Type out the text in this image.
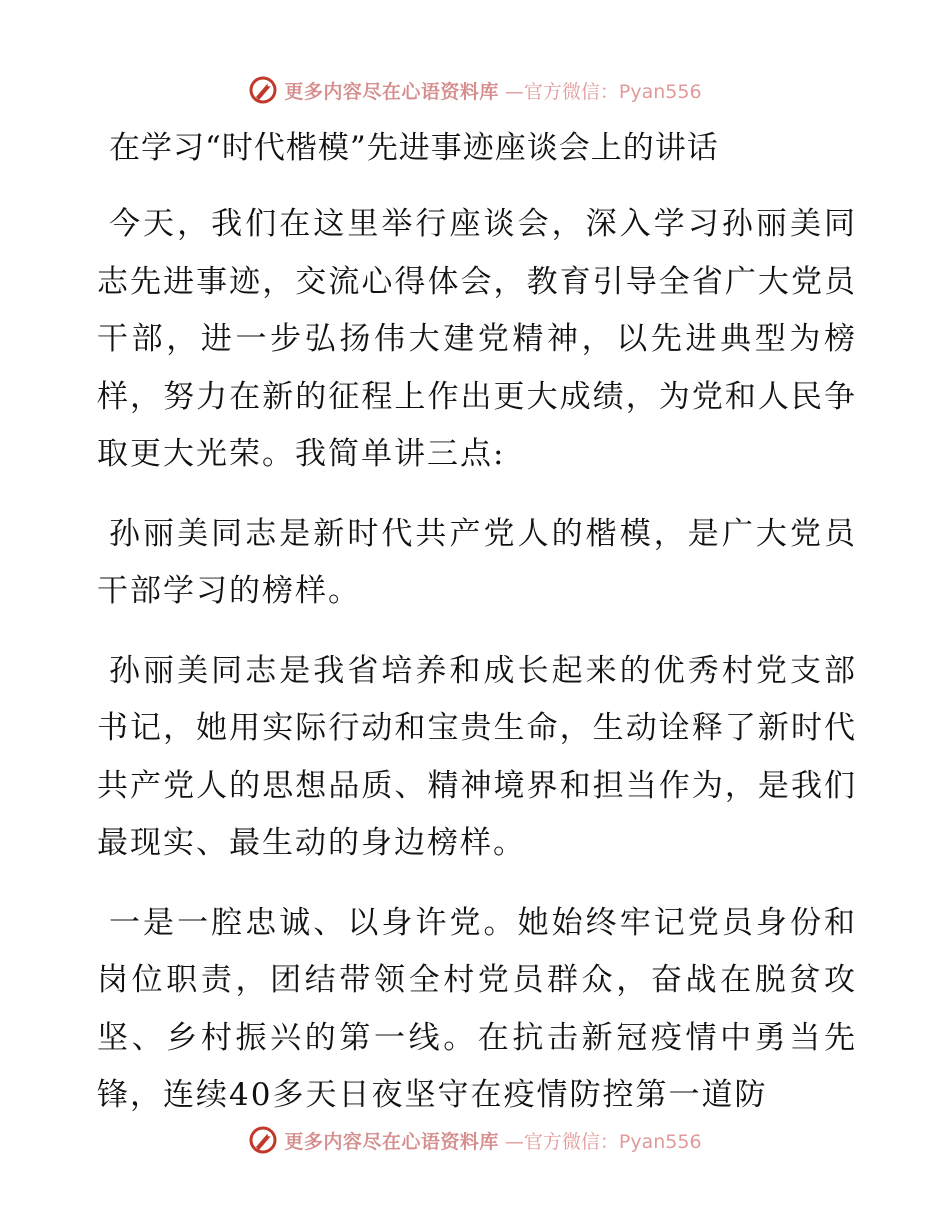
更多内容尽在心语资料库 —官方微信：Pyan556
在学习“时代楷模”先进事迹座谈会上的讲话

今天，我们在这里举行座谈会，深入学习孙丽美同志先进事迹，交流心得体会，教育引导全省广大党员干部，进一步弘扬伟大建党精神，以先进典型为榜样，努力在新的征程上作出更大成绩，为党和人民争取更大光荣。我简单讲三点:

孙丽美同志是新时代共产党人的楷模，是广大党员干部学习的榜样。

孙丽美同志是我省培养和成长起来的优秀村党支部书记，她用实际行动和宝贵生命，生动诠释了新时代共产党人的思想品质、精神境界和担当作为，是我们最现实、最生动的身边榜样。

一是一腔忠诚、以身许党。她始终牢记党员身份和岗位职责，团结带领全村党员群众，奋战在脱贫攻坚、乡村振兴的第一线。在抗击新冠疫情中勇当先锋，连续40多天日夜坚守在疫情防控第一道防

更多内容尽在心语资料库 —官方微信：Pyan556
